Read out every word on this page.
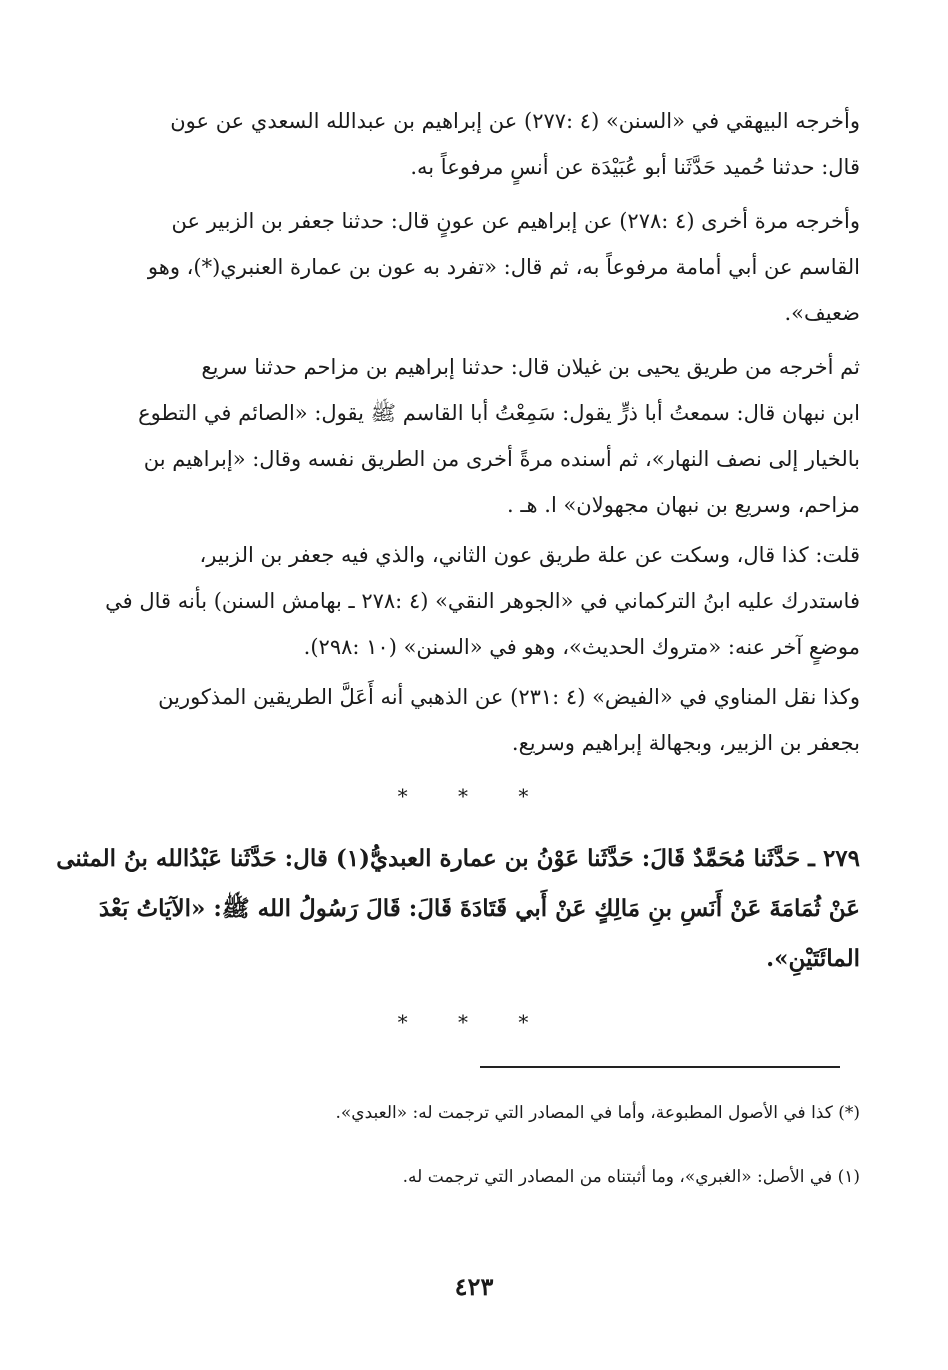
وأخرجه البيهقي في «السنن» (٤ :٢٧٧) عن إبراهيم بن عبدالله السعدي عن عون
قال: حدثنا حُميد حَدَّثَنا أبو عُبَيْدَة عن أنسٍ مرفوعاً به.
وأخرجه مرة أخرى (٤ :٢٧٨) عن إبراهيم عن عونٍ قال: حدثنا جعفر بن الزبير عن
القاسم عن أبي أمامة مرفوعاً به، ثم قال: «تفرد به عون بن عمارة العنبري(*)، وهو
ضعيف».
ثم أخرجه من طريق يحيى بن غيلان قال: حدثنا إبراهيم بن مزاحم حدثنا سريع
ابن نبهان قال: سمعتُ أبا ذرٍّ يقول: سَمِعْتُ أبا القاسم ﷺ يقول: «الصائم في التطوع
بالخيار إلى نصف النهار»، ثم أسنده مرةً أخرى من الطريق نفسه وقال: «إبراهيم بن
مزاحم، وسريع بن نبهان مجهولان» ا. هـ .
قلت: كذا قال، وسكت عن علة طريق عون الثاني، والذي فيه جعفر بن الزبير،
فاستدرك عليه ابنُ التركماني في «الجوهر النقي» (٤ :٢٧٨ ـ بهامش السنن) بأنه قال في
موضعٍ آخر عنه: «متروك الحديث»، وهو في «السنن» (١٠ :٢٩٨).
وكذا نقل المناوي في «الفيض» (٤ :٢٣١) عن الذهبي أنه أَعَلَّ الطريقين المذكورين
بجعفر بن الزبير، وبجهالة إبراهيم وسريع.
* * *
٢٧٩ ـ حَدَّثَنا مُحَمَّدٌ قَالَ: حَدَّثَنا عَوْنُ بن عمارة العبديُّ(١) قال: حَدَّثَنا عَبْدُالله بنُ المثنى
عَنْ ثُمَامَةَ عَنْ أَنَسِ بنِ مَالِكٍ عَنْ أَبي قَتَادَةَ قَالَ: قَالَ رَسُولُ الله ﷺ: «الآيَاتُ بَعْدَ
المائَتَيْنِ».
* * *
(*) كذا في الأصول المطبوعة، وأما في المصادر التي ترجمت له: «العبدي».
(١) في الأصل: «الغبري»، وما أثبتناه من المصادر التي ترجمت له.
٤٢٣
